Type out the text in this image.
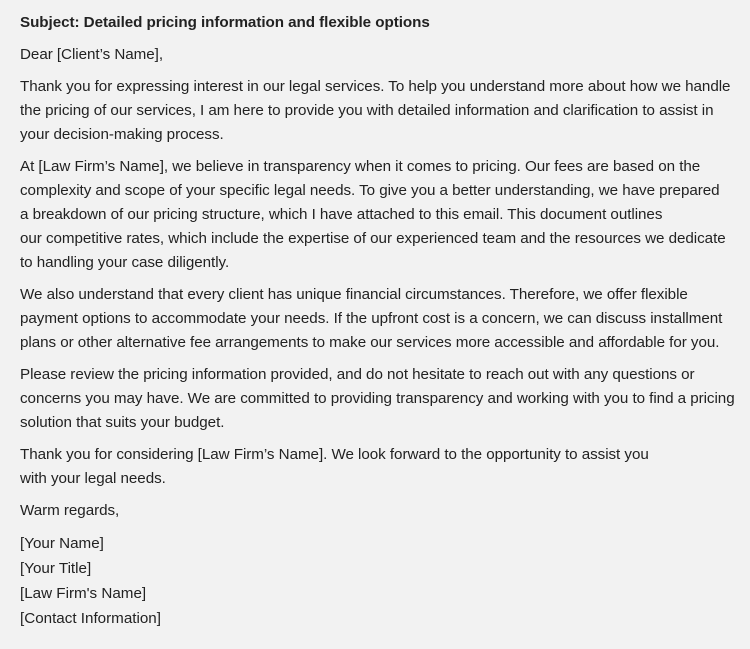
Subject: Detailed pricing information and flexible options
Dear [Client’s Name],
Thank you for expressing interest in our legal services. To help you understand more about how we handle
the pricing of our services, I am here to provide you with detailed information and clarification to assist in
your decision-making process.
At [Law Firm’s Name], we believe in transparency when it comes to pricing. Our fees are based on the
complexity and scope of your specific legal needs. To give you a better understanding, we have prepared
a breakdown of our pricing structure, which I have attached to this email. This document outlines
our competitive rates, which include the expertise of our experienced team and the resources we dedicate
to handling your case diligently.
We also understand that every client has unique financial circumstances. Therefore, we offer flexible
payment options to accommodate your needs. If the upfront cost is a concern, we can discuss installment
plans or other alternative fee arrangements to make our services more accessible and affordable for you.
Please review the pricing information provided, and do not hesitate to reach out with any questions or
concerns you may have. We are committed to providing transparency and working with you to find a pricing
solution that suits your budget.
Thank you for considering [Law Firm’s Name]. We look forward to the opportunity to assist you
with your legal needs.
Warm regards,
[Your Name]
[Your Title]
[Law Firm's Name]
[Contact Information]
